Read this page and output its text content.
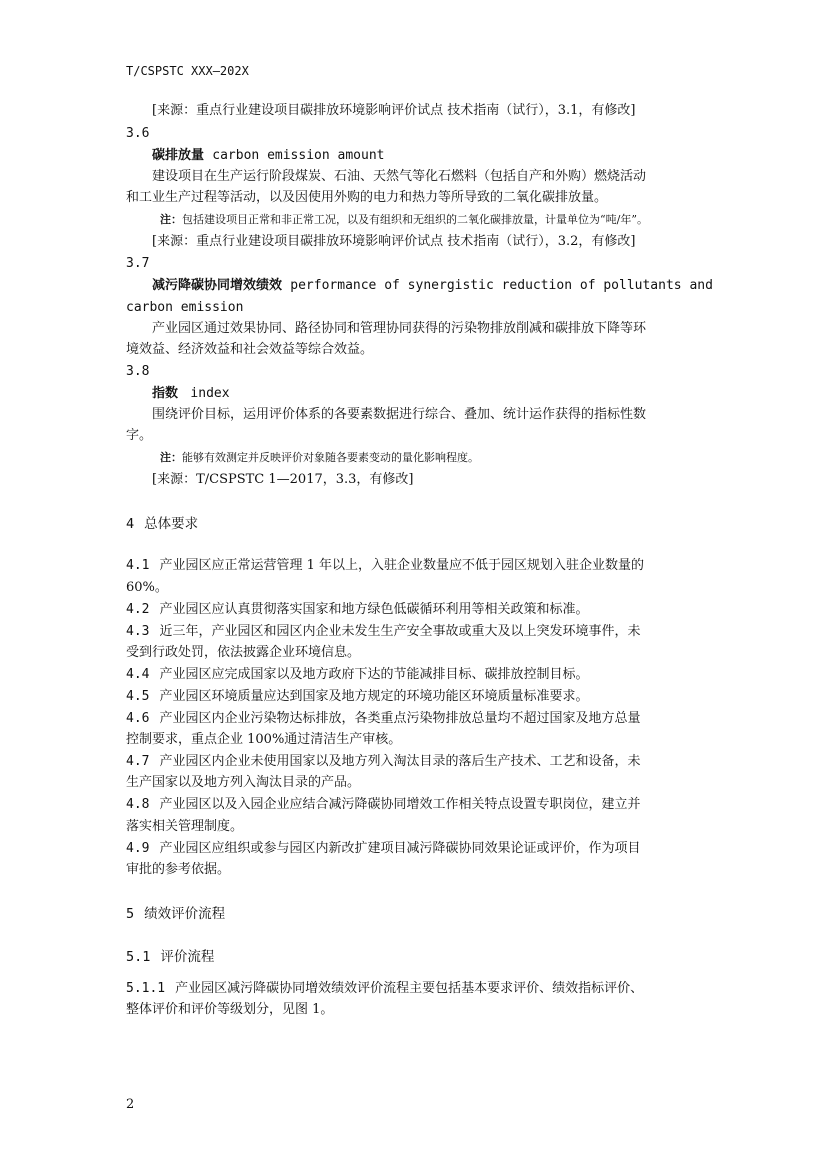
T/CSPSTC XXX—202X
[来源：重点行业建设项目碳排放环境影响评价试点 技术指南（试行），3.1，有修改]
3.6
碳排放量 carbon emission amount
建设项目在生产运行阶段煤炭、石油、天然气等化石燃料（包括自产和外购）燃烧活动
和工业生产过程等活动，以及因使用外购的电力和热力等所导致的二氧化碳排放量。
注：包括建设项目正常和非正常工况，以及有组织和无组织的二氧化碳排放量，计量单位为“吨/年”。
[来源：重点行业建设项目碳排放环境影响评价试点 技术指南（试行），3.2，有修改]
3.7
减污降碳协同增效绩效 performance of synergistic reduction of pollutants and
carbon emission
产业园区通过效果协同、路径协同和管理协同获得的污染物排放削减和碳排放下降等环
境效益、经济效益和社会效益等综合效益。
3.8
指数 index
围绕评价目标，运用评价体系的各要素数据进行综合、叠加、统计运作获得的指标性数
字。
注：能够有效测定并反映评价对象随各要素变动的量化影响程度。
[来源：T/CSPSTC 1—2017，3.3，有修改]
4 总体要求
4.1 产业园区应正常运营管理 1 年以上，入驻企业数量应不低于园区规划入驻企业数量的
60%。
4.2 产业园区应认真贯彻落实国家和地方绿色低碳循环利用等相关政策和标准。
4.3 近三年，产业园区和园区内企业未发生生产安全事故或重大及以上突发环境事件，未
受到行政处罚，依法披露企业环境信息。
4.4 产业园区应完成国家以及地方政府下达的节能减排目标、碳排放控制目标。
4.5 产业园区环境质量应达到国家及地方规定的环境功能区环境质量标准要求。
4.6 产业园区内企业污染物达标排放，各类重点污染物排放总量均不超过国家及地方总量
控制要求，重点企业 100%通过清洁生产审核。
4.7 产业园区内企业未使用国家以及地方列入淘汰目录的落后生产技术、工艺和设备，未
生产国家以及地方列入淘汰目录的产品。
4.8 产业园区以及入园企业应结合减污降碳协同增效工作相关特点设置专职岗位，建立并
落实相关管理制度。
4.9 产业园区应组织或参与园区内新改扩建项目减污降碳协同效果论证或评价，作为项目
审批的参考依据。
5 绩效评价流程
5.1 评价流程
5.1.1 产业园区减污降碳协同增效绩效评价流程主要包括基本要求评价、绩效指标评价、
整体评价和评价等级划分，见图 1。
2
